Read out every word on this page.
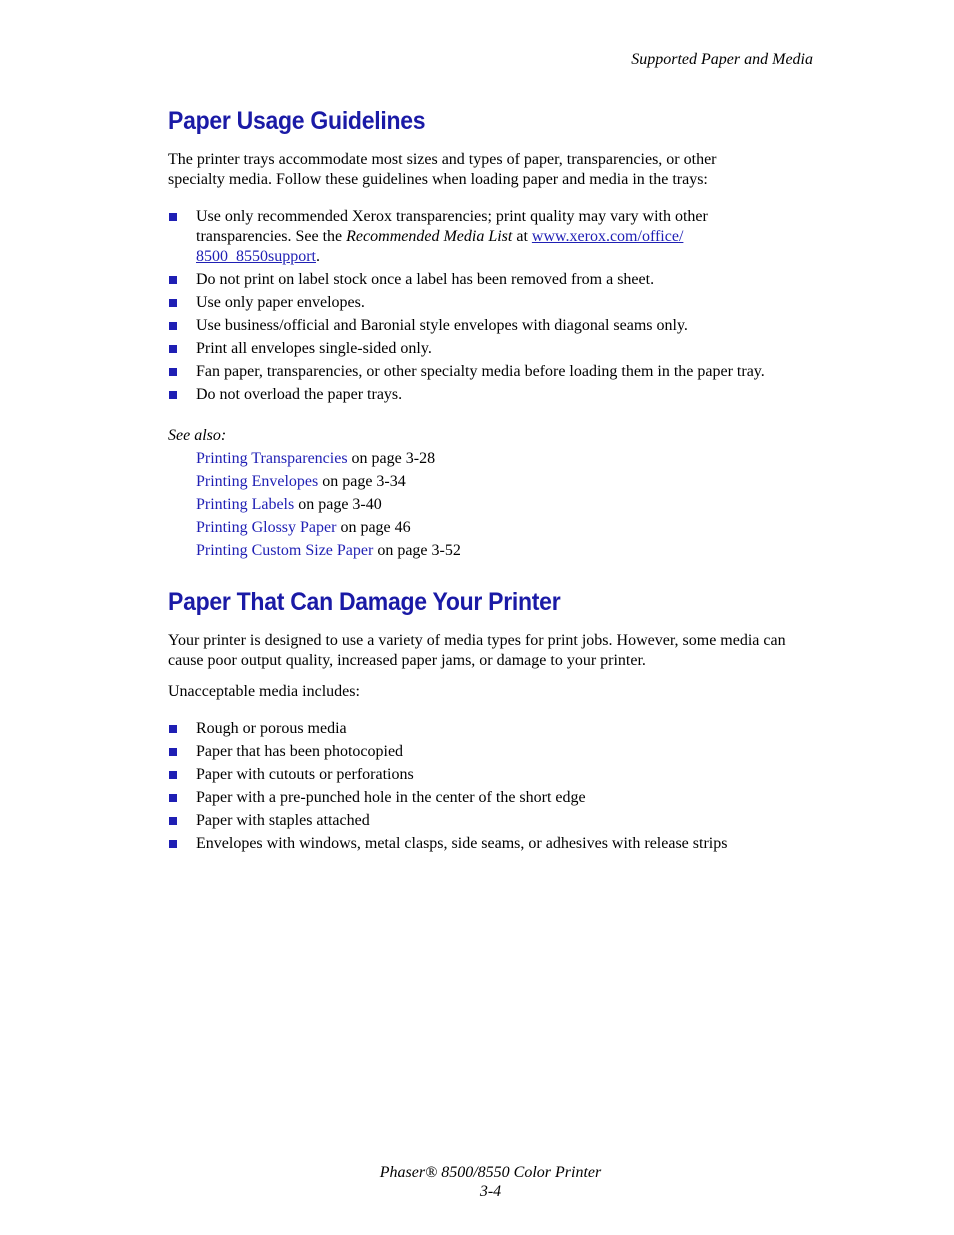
Supported Paper and Media
Paper Usage Guidelines

The printer trays accommodate most sizes and types of paper, transparencies, or other specialty media. Follow these guidelines when loading paper and media in the trays:

Use only recommended Xerox transparencies; print quality may vary with other transparencies. See the Recommended Media List at www.xerox.com/office/ 8500_8550support.
Do not print on label stock once a label has been removed from a sheet.
Use only paper envelopes.
Use business/official and Baronial style envelopes with diagonal seams only.
Print all envelopes single-sided only.
Fan paper, transparencies, or other specialty media before loading them in the paper tray.
Do not overload the paper trays.
See also:
Printing Transparencies on page 3-28
Printing Envelopes on page 3-34
Printing Labels on page 3-40
Printing Glossy Paper on page 46
Printing Custom Size Paper on page 3-52
Paper That Can Damage Your Printer

Your printer is designed to use a variety of media types for print jobs. However, some media can cause poor output quality, increased paper jams, or damage to your printer.

Unacceptable media includes:

Rough or porous media
Paper that has been photocopied
Paper with cutouts or perforations
Paper with a pre-punched hole in the center of the short edge
Paper with staples attached
Envelopes with windows, metal clasps, side seams, or adhesives with release strips
Phaser® 8500/8550 Color Printer
3-4
